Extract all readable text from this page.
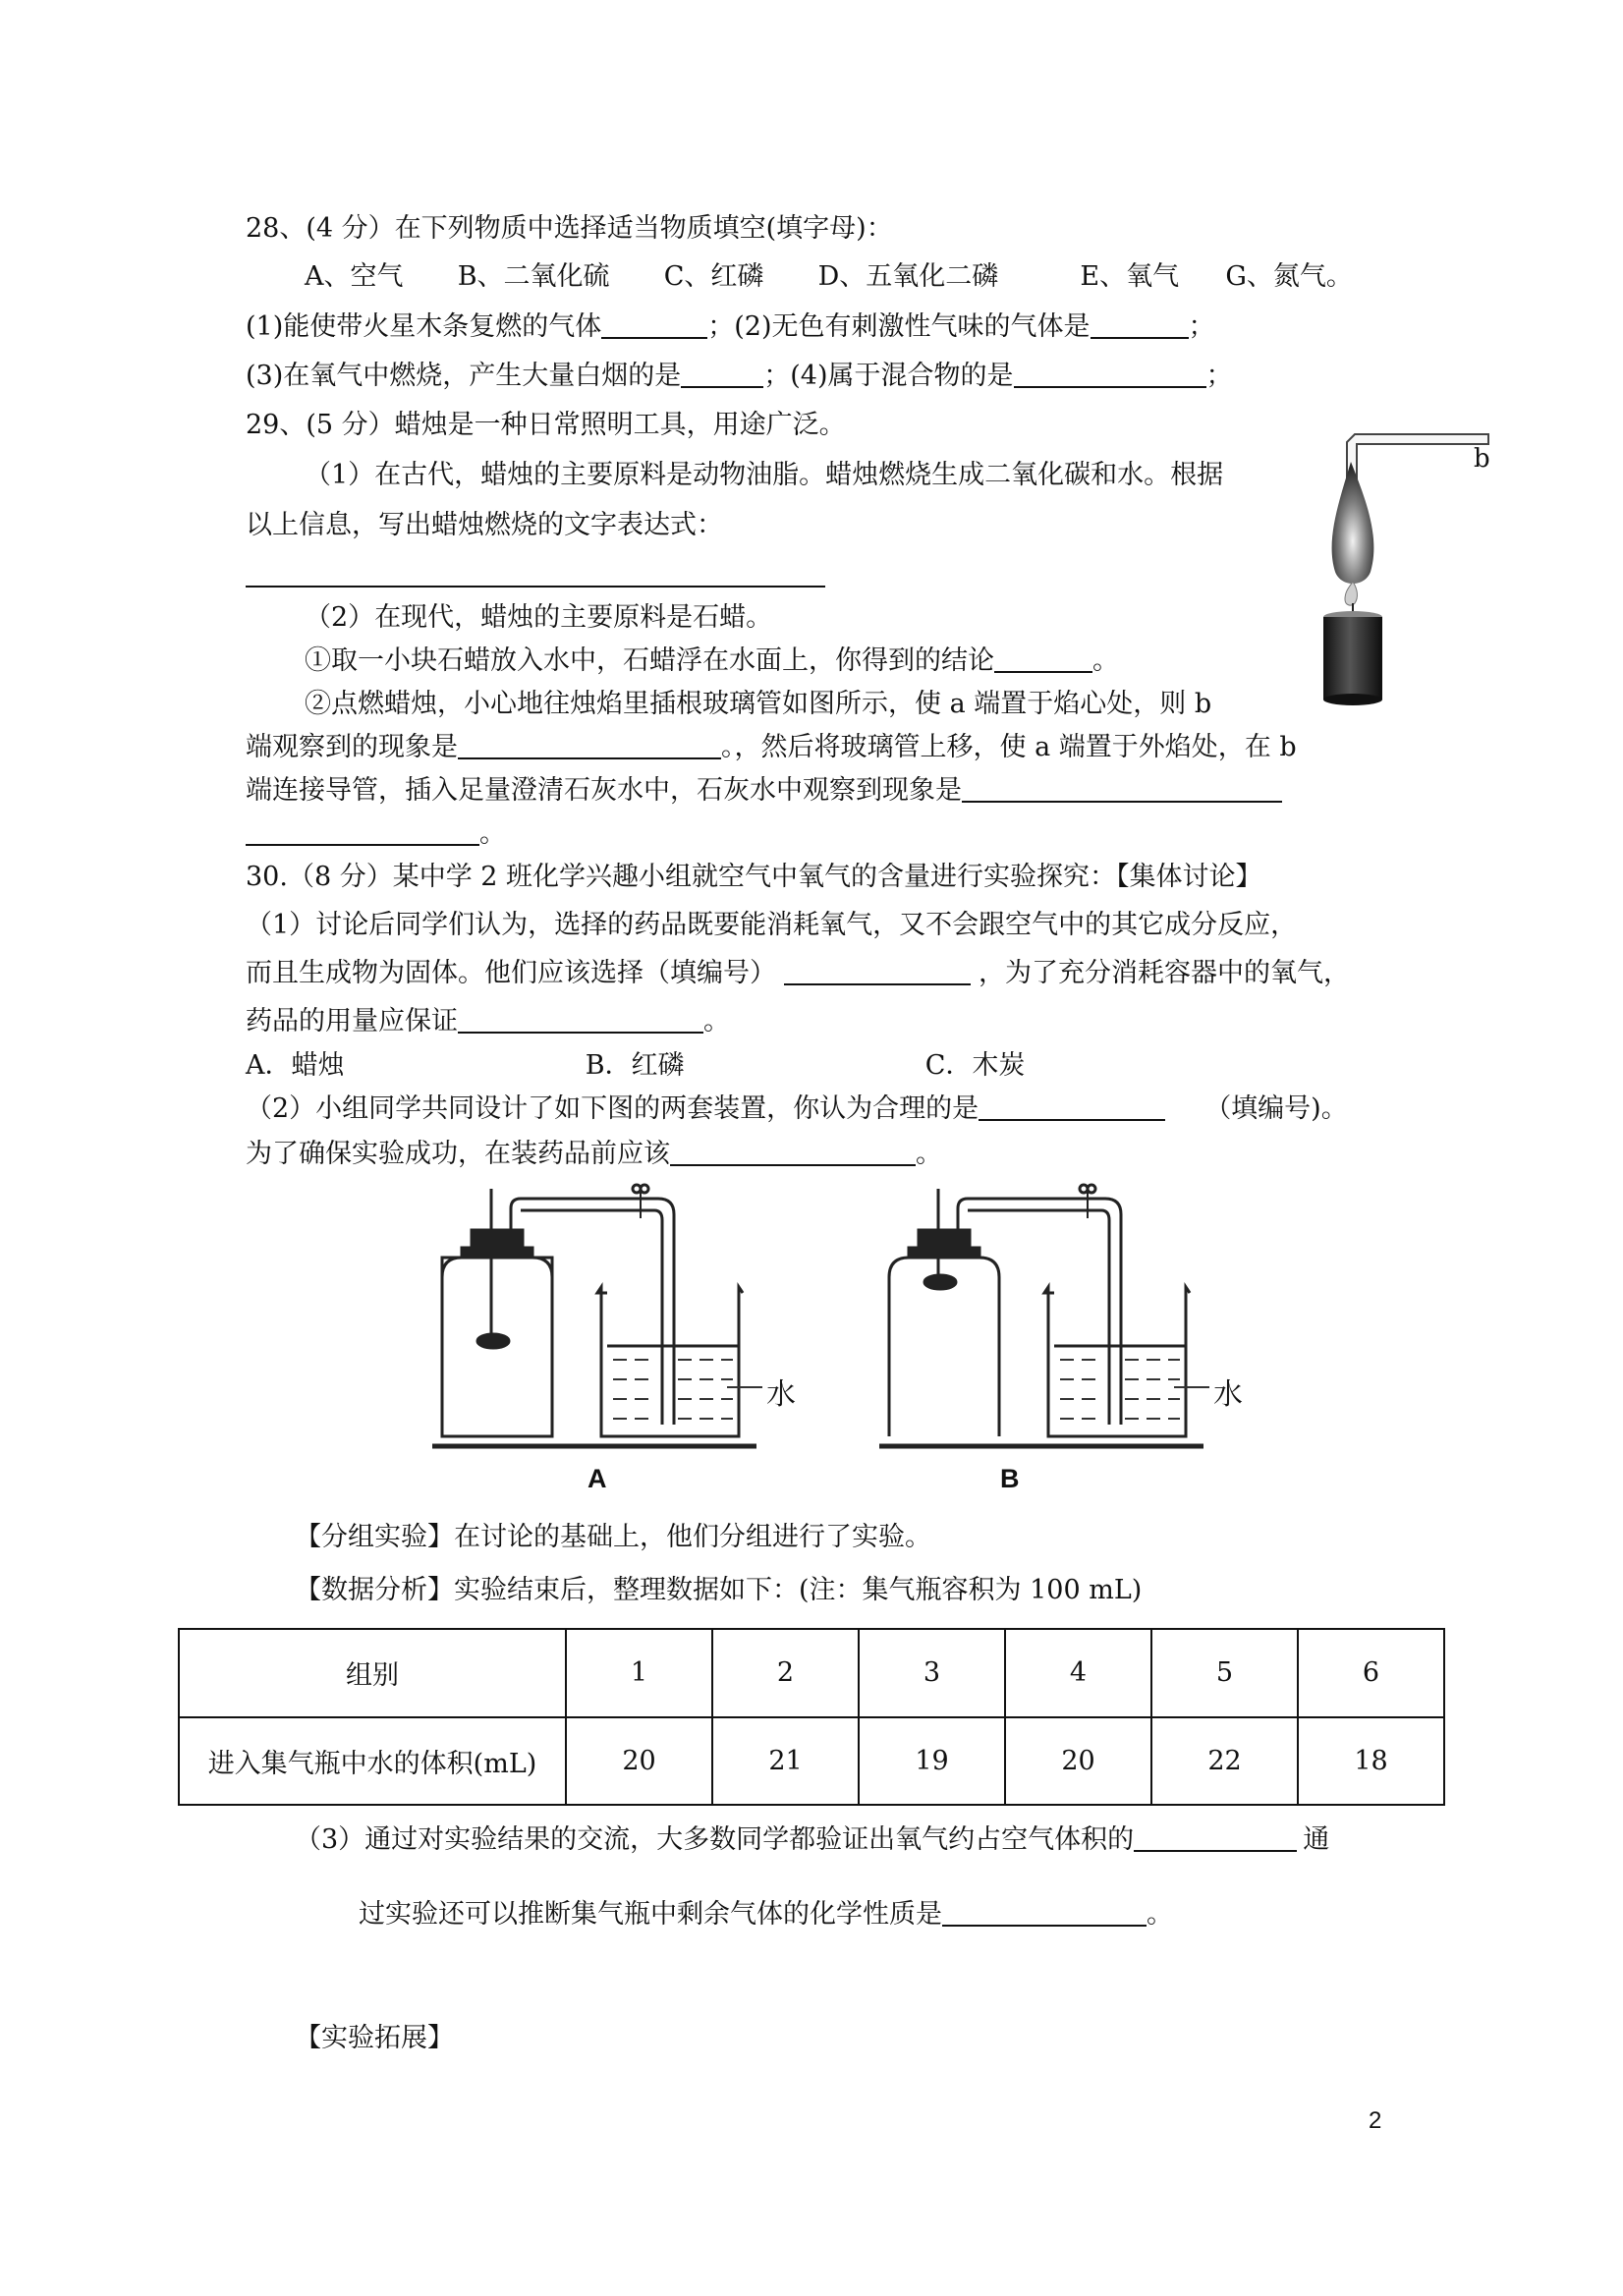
28、(4 分）在下列物质中选择适当物质填空(填字母)：
A、空气 B、二氧化硫 C、红磷 D、五氧化二磷	E、氧气 G、氮气。
(1)能使带火星木条复燃的气体	；(2)无色有刺激性气味的气体是	；
(3)在氧气中燃烧，产生大量白烟的是	；(4)属于混合物的是	；
29、(5 分）蜡烛是一种日常照明工具，用途广泛。
（1）在古代，蜡烛的主要原料是动物油脂。蜡烛燃烧生成二氧化碳和水。根据
以上信息，写出蜡烛燃烧的文字表达式：
（2）在现代，蜡烛的主要原料是石蜡。
①取一小块石蜡放入水中，石蜡浮在水面上，你得到的结论	。
②点燃蜡烛，小心地往烛焰里插根玻璃管如图所示，使 a 端置于焰心处，则 b
端观察到的现象是	。，然后将玻璃管上移，使 a 端置于外焰处，在 b
端连接导管，插入足量澄清石灰水中，石灰水中观察到现象是
。
b
30.（8 分）某中学 2 班化学兴趣小组就空气中氧气的含量进行实验探究：【集体讨论】
（1）讨论后同学们认为，选择的药品既要能消耗氧气，又不会跟空气中的其它成分反应，
而且生成物为固体。他们应该选择（填编号）	，为了充分消耗容器中的氧气，
药品的用量应保证	。
A．蜡烛	B．红磷	C．木炭
（2）小组同学共同设计了如下图的两套装置，你认为合理的是	（填编号)。
为了确保实验成功，在装药品前应该	。
水	水
A	B
【分组实验】在讨论的基础上，他们分组进行了实验。
【数据分析】实验结束后，整理数据如下：(注：集气瓶容积为 100 mL)
组别	1	2	3	4	5	6
进入集气瓶中水的体积(mL)	20	21	19	20	22	18
（3）通过对实验结果的交流，大多数同学都验证出氧气约占空气体积的	通
过实验还可以推断集气瓶中剩余气体的化学性质是	。
【实验拓展】
2
